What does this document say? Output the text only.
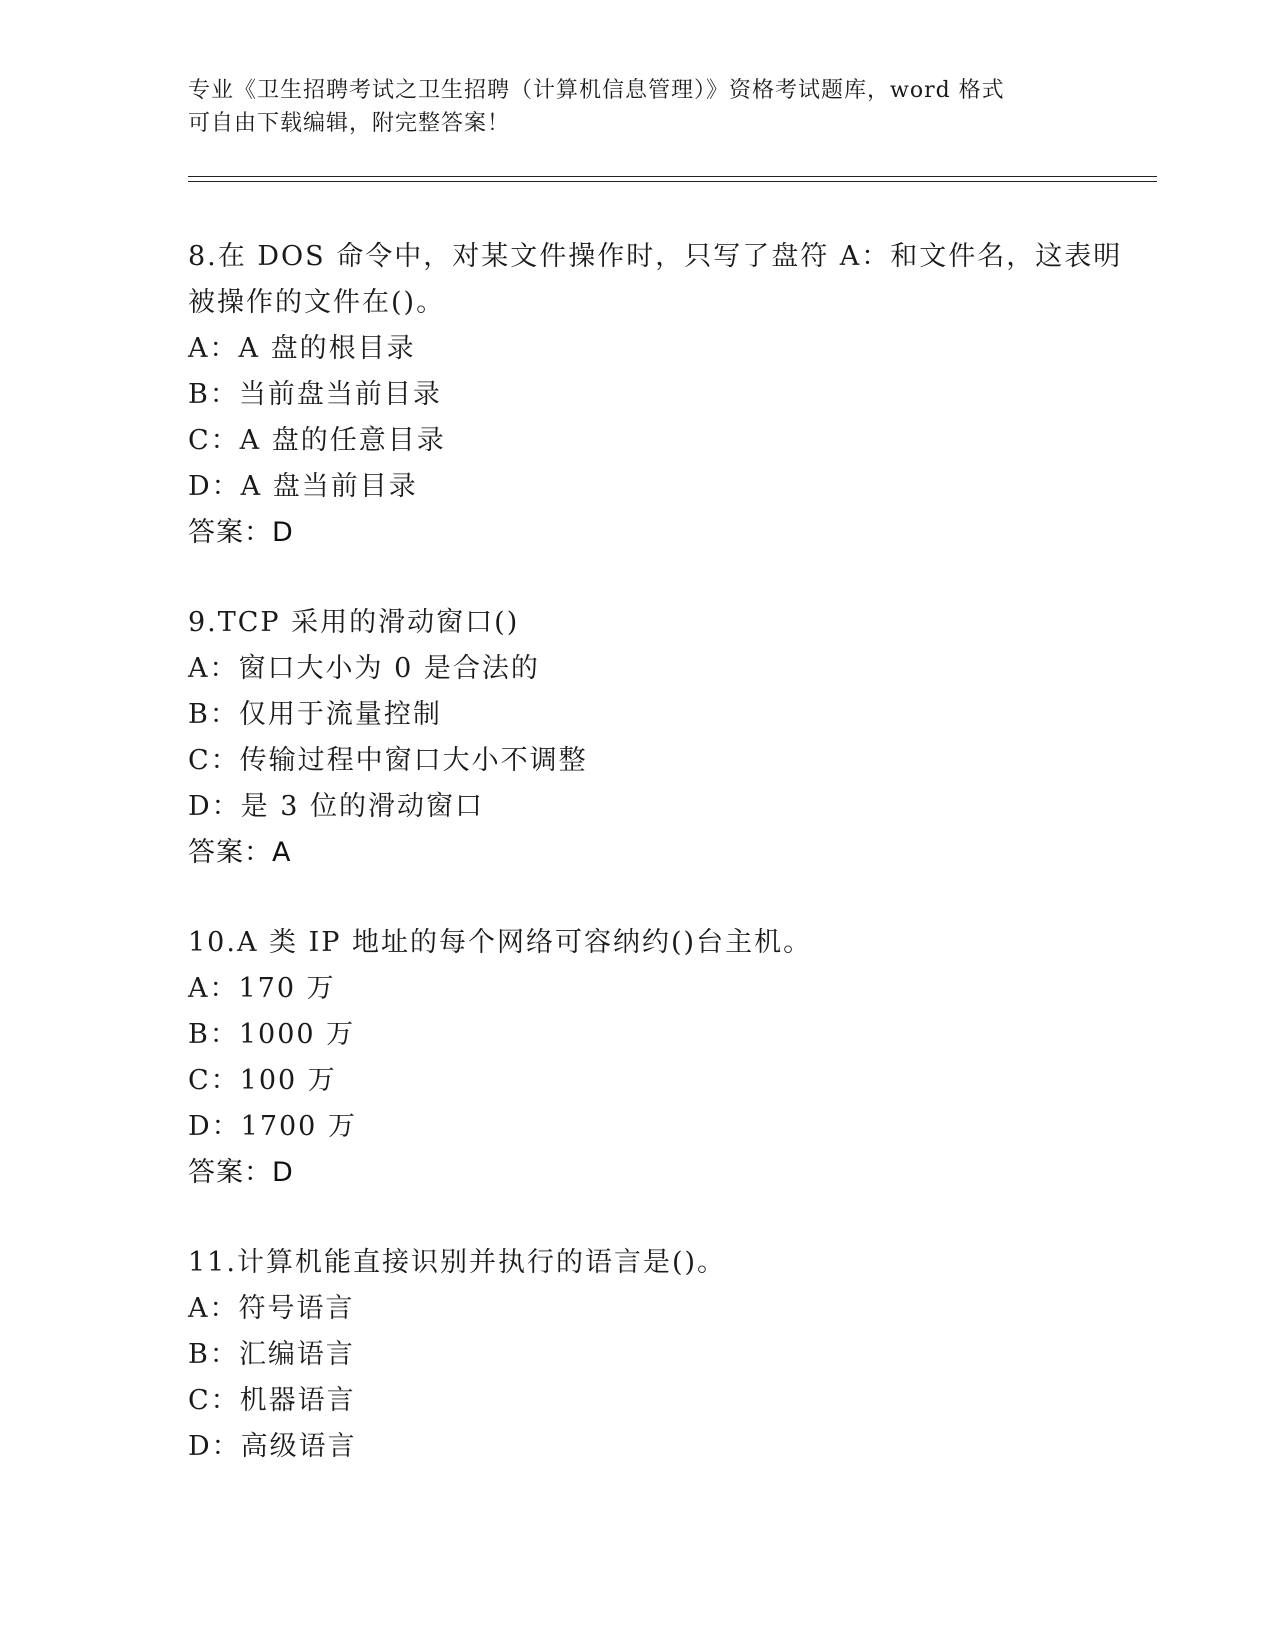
专业《卫生招聘考试之卫生招聘（计算机信息管理）》资格考试题库，word 格式
可自由下载编辑，附完整答案！

8.在 DOS 命令中，对某文件操作时，只写了盘符 A：和文件名，这表明

被操作的文件在()。

A：A 盘的根目录

B：当前盘当前目录

C：A 盘的任意目录

D：A 盘当前目录

答案：D

9.TCP 采用的滑动窗口()

A：窗口大小为 0 是合法的

B：仅用于流量控制

C：传输过程中窗口大小不调整

D：是 3 位的滑动窗口

答案：A

10.A 类 IP 地址的每个网络可容纳约()台主机。

A：170 万

B：1000 万

C：100 万

D：1700 万

答案：D

11.计算机能直接识别并执行的语言是()。

A：符号语言

B：汇编语言

C：机器语言

D：高级语言
